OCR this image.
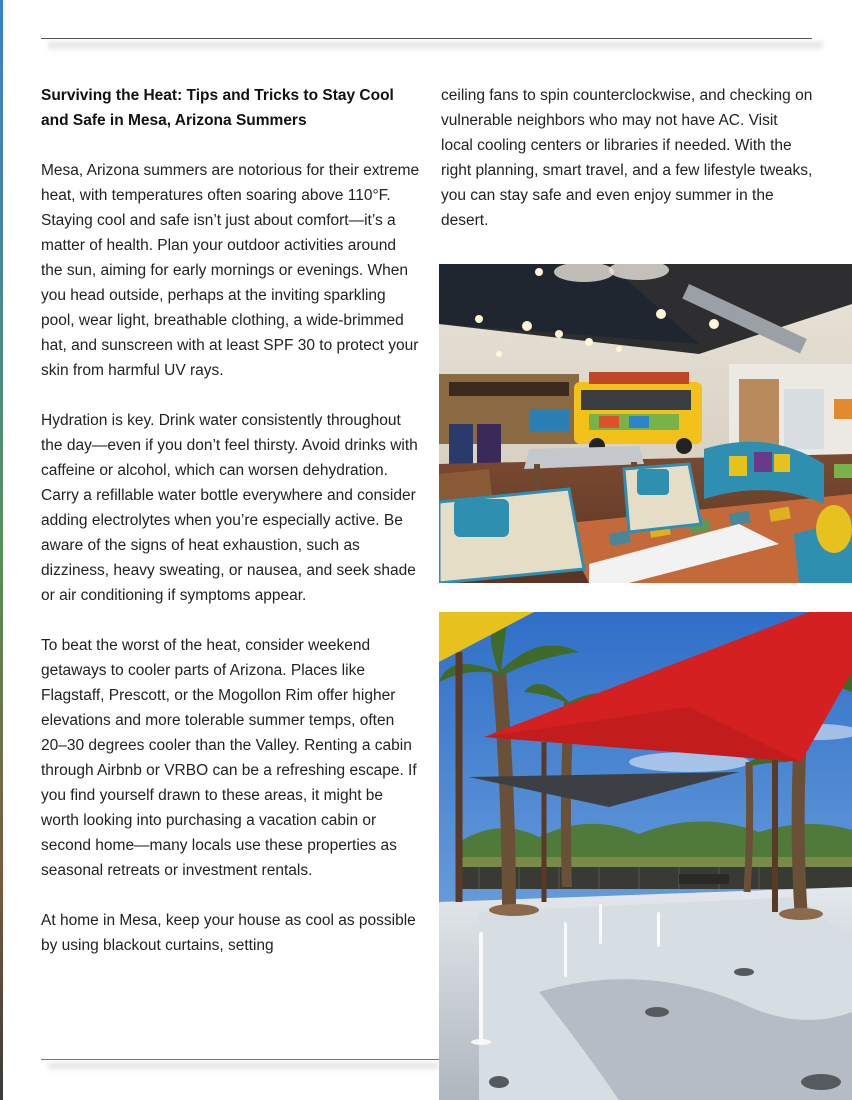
Surviving the Heat: Tips and Tricks to Stay Cool and Safe in Mesa, Arizona Summers

Mesa, Arizona summers are notorious for their extreme heat, with temperatures often soaring above 110°F. Staying cool and safe isn’t just about comfort—it’s a matter of health. Plan your outdoor activities around the sun, aiming for early mornings or evenings. When you head outside, perhaps at the inviting sparkling pool, wear light, breathable clothing, a wide-brimmed hat, and sunscreen with at least SPF 30 to protect your skin from harmful UV rays.

Hydration is key. Drink water consistently throughout the day—even if you don’t feel thirsty. Avoid drinks with caffeine or alcohol, which can worsen dehydration. Carry a refillable water bottle everywhere and consider adding electrolytes when you’re especially active. Be aware of the signs of heat exhaustion, such as dizziness, heavy sweating, or nausea, and seek shade or air conditioning if symptoms appear.

To beat the worst of the heat, consider weekend getaways to cooler parts of Arizona. Places like Flagstaff, Prescott, or the Mogollon Rim offer higher elevations and more tolerable summer temps, often 20–30 degrees cooler than the Valley. Renting a cabin through Airbnb or VRBO can be a refreshing escape. If you find yourself drawn to these areas, it might be worth looking into purchasing a vacation cabin or second home—many locals use these properties as seasonal retreats or investment rentals.

At home in Mesa, keep your house as cool as possible by using blackout curtains, setting

ceiling fans to spin counterclockwise, and checking on vulnerable neighbors who may not have AC. Visit local cooling centers or libraries if needed. With the right planning, smart travel, and a few lifestyle tweaks, you can stay safe and even enjoy summer in the desert.
